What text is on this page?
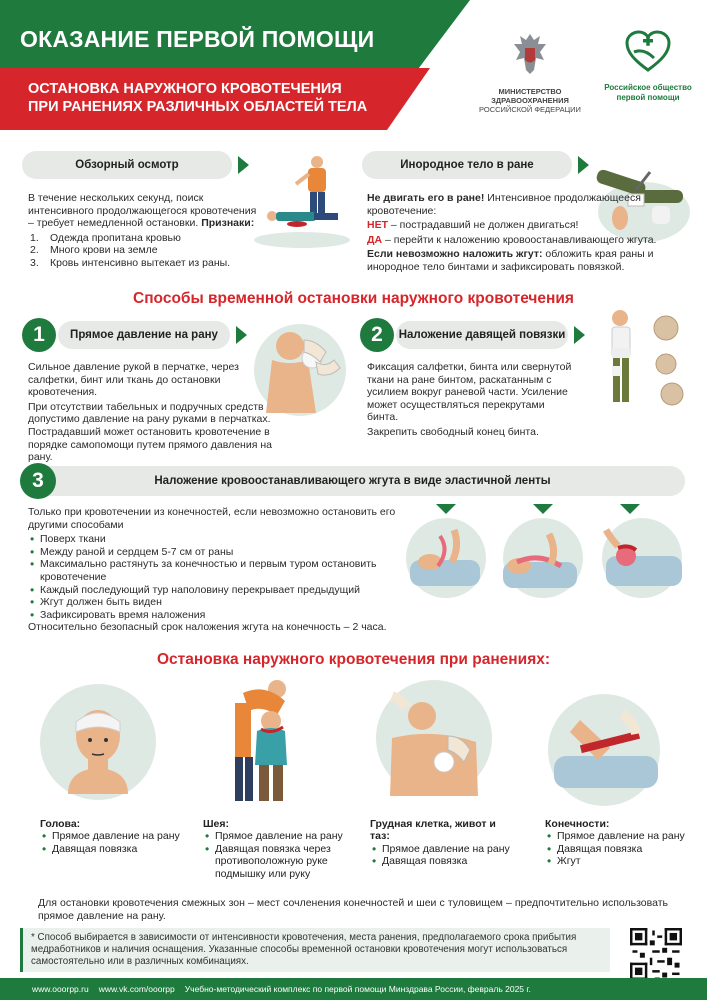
ОКАЗАНИЕ ПЕРВОЙ ПОМОЩИ
ОСТАНОВКА НАРУЖНОГО КРОВОТЕЧЕНИЯ
ПРИ РАНЕНИЯХ РАЗЛИЧНЫХ ОБЛАСТЕЙ ТЕЛА
МИНИСТЕРСТВО
ЗДРАВООХРАНЕНИЯ
РОССИЙСКОЙ ФЕДЕРАЦИИ
Российское общество
первой помощи
Обзорный осмотр

В течение нескольких секунд, поиск интенсивного продолжающегося кровотечения – требует немедленной остановки. Признаки:

1. Одежда пропитана кровью
2. Много крови на земле
3. Кровь интенсивно вытекает из раны.
Инородное тело в ране

Не двигать его в ране! Интенсивное продолжающееся кровотечение:

НЕТ – пострадавший не должен двигаться!

ДА – перейти к наложению кровоостанавливающего жгута.

Если невозможно наложить жгут: обложить края раны и инородное тело бинтами и зафиксировать повязкой.

Способы временной остановки наружного кровотечения
1	Прямое давление на рану

Сильное давление рукой в перчатке, через салфетки, бинт или ткань до остановки кровотечения.

При отсутствии табельных и подручных средств допустимо давление на рану руками в перчатках. Пострадавший может остановить кровотечение в порядке самопомощи путем прямого давления на рану.

2	Наложение давящей повязки

Фиксация салфетки, бинта или свернутой ткани на ране бинтом, раскатанным с усилием вокруг раневой части. Усиление может осуществляться перекрутами бинта.

Закрепить свободный конец бинта.

Наложение кровоостанавливающего жгута в виде эластичной ленты
3

Только при кровотечении из конечностей, если невозможно остановить его другими способами

• Поверх ткани
• Между раной и сердцем 5-7 см от раны
• Максимально растянуть за конечностью и первым туром остановить кровотечение
• Каждый последующий тур наполовину перекрывает предыдущий
• Жгут должен быть виден
• Зафиксировать время наложения

Относительно безопасный срок наложения жгута на конечность – 2 часа.

Остановка наружного кровотечения при ранениях:
Голова:
• Прямое давление на рану
• Давящая повязка
Шея:
• Прямое давление на рану
• Давящая повязка через противоположную руке подмышку или руку
Грудная клетка, живот и таз:
• Прямое давление на рану
• Давящая повязка
Конечности:
• Прямое давление на рану
• Давящая повязка
• Жгут
Для остановки кровотечения смежных зон – мест сочленения конечностей и шеи с туловищем – предпочтительно использовать прямое давление на рану.
* Способ выбирается в зависимости от интенсивности кровотечения, места ранения, предполагаемого срока прибытия медработников и наличия оснащения. Указанные способы временной остановки кровотечения могут использоваться самостоятельно или в различных комбинациях.
www.ooorpp.ru www.vk.com/ooorpp Учебно-методический комплекс по первой помощи Минздрава России, февраль 2025 г.
